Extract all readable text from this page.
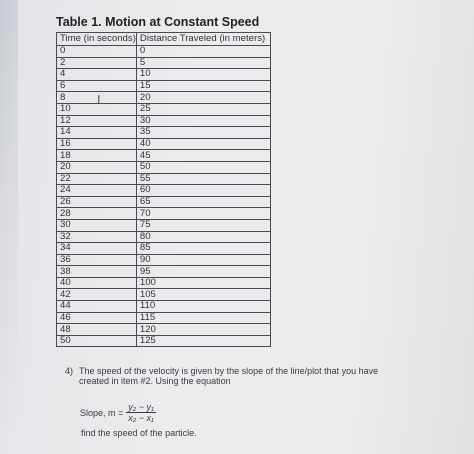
Table 1. Motion at Constant Speed
Time (in seconds)	Distance Traveled (in meters)
0	0
2	5
4	10
6	15
8	20
10	25
12	30
14	35
16	40
18	45
20	50
22	55
24	60
26	65
28	70
30	75
32	80
34	85
36	90
38	95
40	100
42	105
44	110
46	115
48	120
50	125
I
4) The speed of the velocity is given by the slope of the line/plot that you have created in item #2. Using the equation
Slope, $m = \frac{\text{y₂ − y₁}}{\text{x₂ − x₁}}$
find the speed of the particle.
